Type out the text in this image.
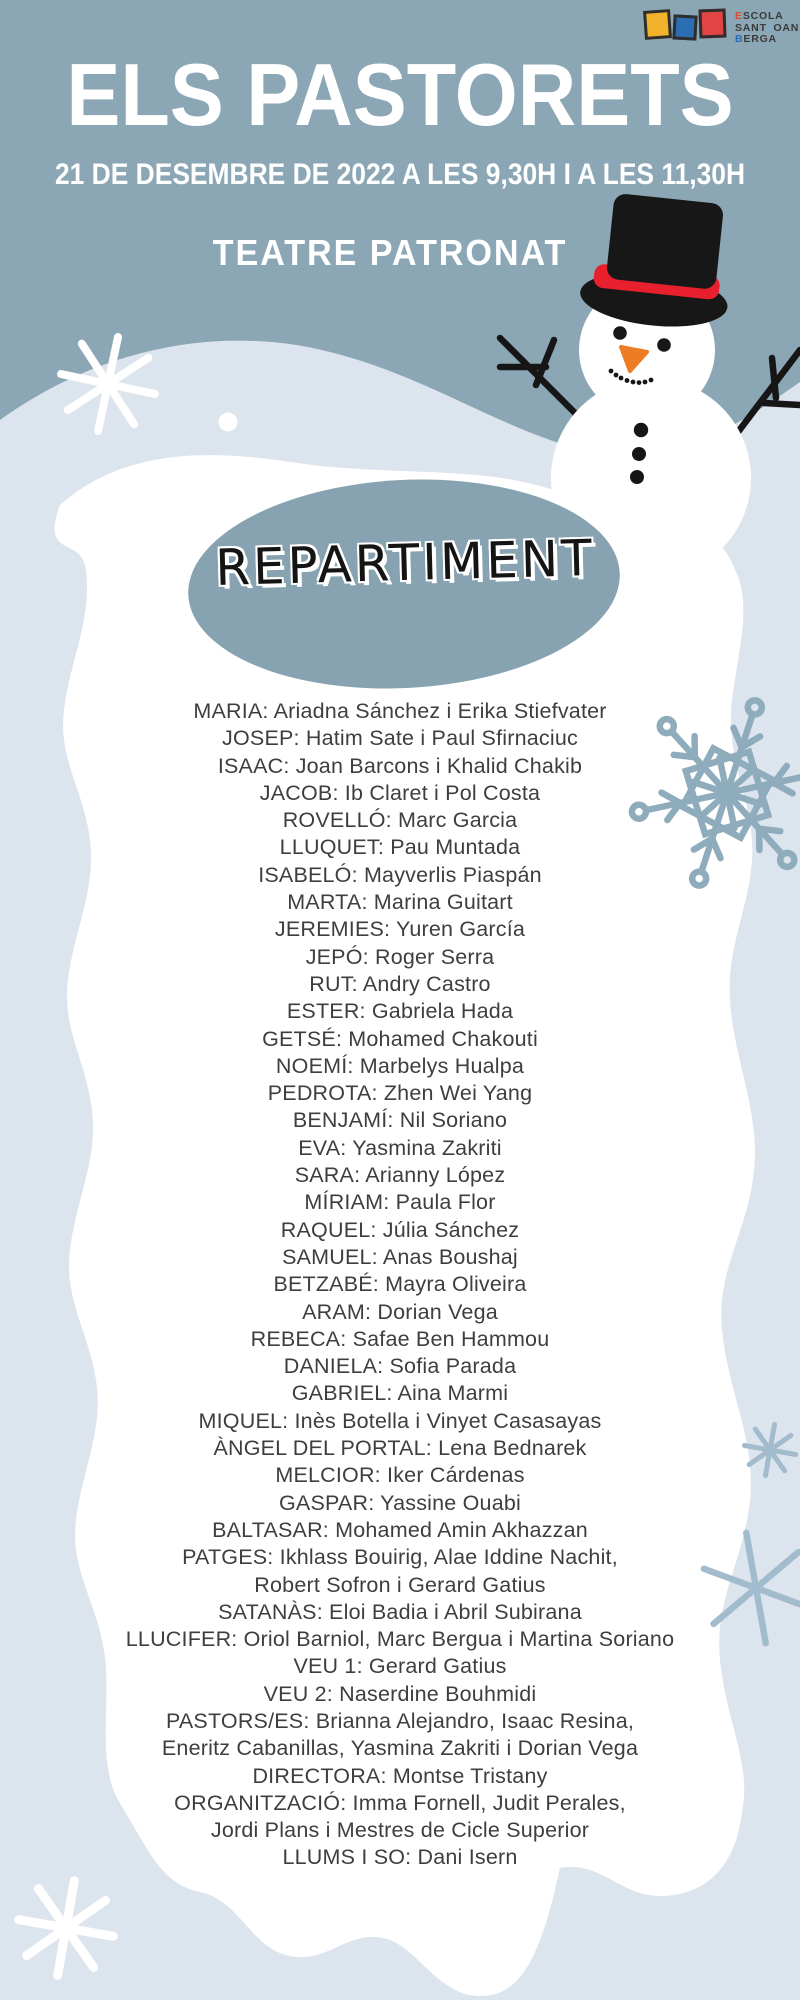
ESCOLA
SANTJOAN
BERGA
ELS PASTORETS
21 DE DESEMBRE DE 2022 A LES 9,30H I A LES 11,30H
TEATRE PATRONAT
REPARTIMENT
MARIA: Ariadna Sánchez i Erika Stiefvater
JOSEP: Hatim Sate i Paul Sfirnaciuc
ISAAC: Joan Barcons i Khalid Chakib
JACOB: Ib Claret i Pol Costa
ROVELLÓ: Marc Garcia
LLUQUET: Pau Muntada
ISABELÓ: Mayverlis Piaspán
MARTA: Marina Guitart
JEREMIES: Yuren García
JEPÓ: Roger Serra
RUT: Andry Castro
ESTER: Gabriela Hada
GETSÉ: Mohamed Chakouti
NOEMÍ: Marbelys Hualpa
PEDROTA: Zhen Wei Yang
BENJAMÍ: Nil Soriano
EVA: Yasmina Zakriti
SARA: Arianny López
MÍRIAM: Paula Flor
RAQUEL: Júlia Sánchez
SAMUEL: Anas Boushaj
BETZABÉ: Mayra Oliveira
ARAM: Dorian Vega
REBECA: Safae Ben Hammou
DANIELA: Sofia Parada
GABRIEL: Aina Marmi
MIQUEL: Inès Botella i Vinyet Casasayas
ÀNGEL DEL PORTAL: Lena Bednarek
MELCIOR: Iker Cárdenas
GASPAR: Yassine Ouabi
BALTASAR: Mohamed Amin Akhazzan
PATGES: Ikhlass Bouirig, Alae Iddine Nachit,
Robert Sofron i Gerard Gatius
SATANÀS: Eloi Badia i Abril Subirana
LLUCIFER: Oriol Barniol, Marc Bergua i Martina Soriano
VEU 1: Gerard Gatius
VEU 2: Naserdine Bouhmidi
PASTORS/ES: Brianna Alejandro, Isaac Resina,
Eneritz Cabanillas, Yasmina Zakriti i Dorian Vega
DIRECTORA: Montse Tristany
ORGANITZACIÓ: Imma Fornell, Judit Perales,
Jordi Plans i Mestres de Cicle Superior
LLUMS I SO: Dani Isern
